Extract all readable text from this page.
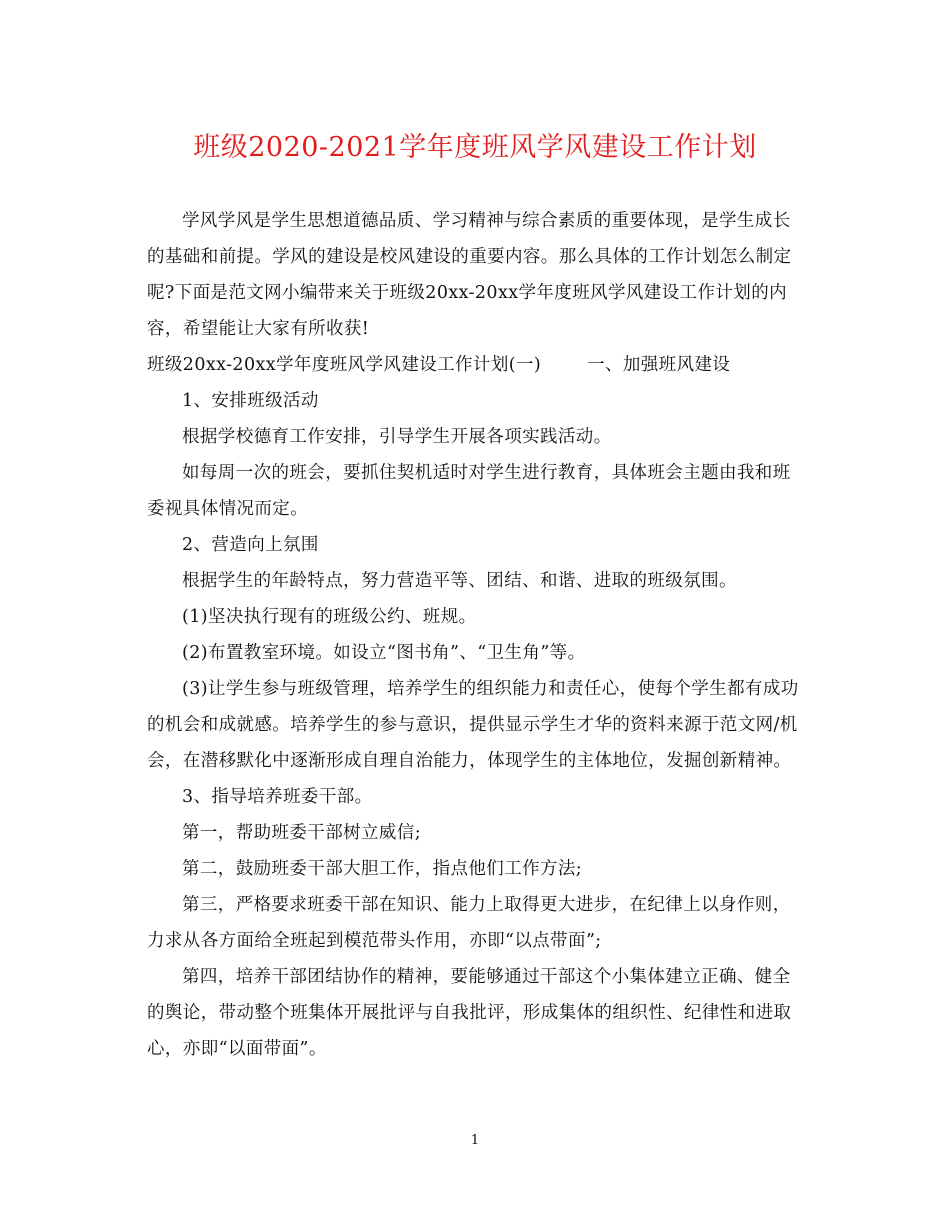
班级2020-2021学年度班风学风建设工作计划

学风学风是学生思想道德品质、学习精神与综合素质的重要体现，是学生成长的基础和前提。学风的建设是校风建设的重要内容。那么具体的工作计划怎么制定呢?下面是范文网小编带来关于班级20xx-20xx学年度班风学风建设工作计划的内容，希望能让大家有所收获!

班级20xx-20xx学年度班风学风建设工作计划(一)	一、加强班风建设

1、安排班级活动

根据学校德育工作安排，引导学生开展各项实践活动。

如每周一次的班会，要抓住契机适时对学生进行教育，具体班会主题由我和班委视具体情况而定。

2、营造向上氛围

根据学生的年龄特点，努力营造平等、团结、和谐、进取的班级氛围。

(1)坚决执行现有的班级公约、班规。

(2)布置教室环境。如设立“图书角”、“卫生角”等。

(3)让学生参与班级管理，培养学生的组织能力和责任心，使每个学生都有成功的机会和成就感。培养学生的参与意识，提供显示学生才华的资料来源于范文网/机会，在潜移默化中逐渐形成自理自治能力，体现学生的主体地位，发掘创新精神。

3、指导培养班委干部。

第一，帮助班委干部树立威信;

第二，鼓励班委干部大胆工作，指点他们工作方法;

第三，严格要求班委干部在知识、能力上取得更大进步，在纪律上以身作则，力求从各方面给全班起到模范带头作用，亦即“以点带面”;

第四，培养干部团结协作的精神，要能够通过干部这个小集体建立正确、健全的舆论，带动整个班集体开展批评与自我批评，形成集体的组织性、纪律性和进取心，亦即“以面带面”。

1
